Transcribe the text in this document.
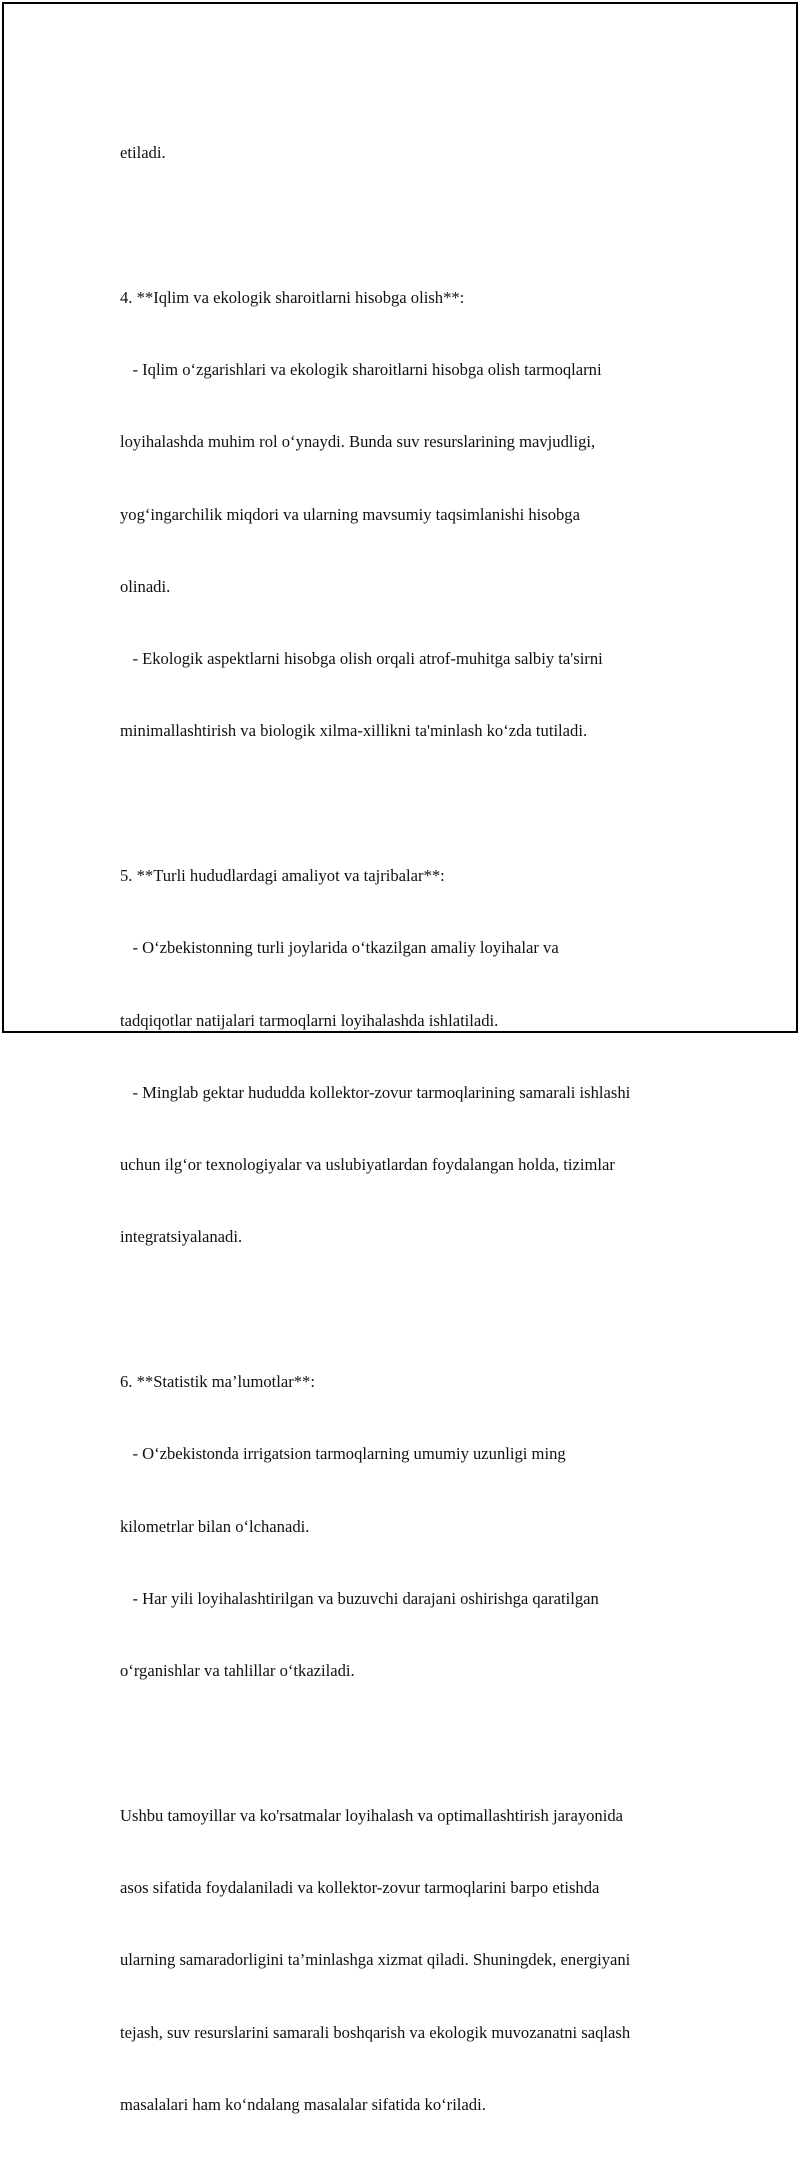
etiladi.

4. **Iqlim va ekologik sharoitlarni hisobga olish**:

- Iqlim o‘zgarishlari va ekologik sharoitlarni hisobga olish tarmoqlarni

loyihalashda muhim rol o‘ynaydi. Bunda suv resurslarining mavjudligi,

yog‘ingarchilik miqdori va ularning mavsumiy taqsimlanishi hisobga

olinadi.

- Ekologik aspektlarni hisobga olish orqali atrof-muhitga salbiy ta'sirni

minimallashtirish va biologik xilma-xillikni ta'minlash ko‘zda tutiladi.

5. **Turli hududlardagi amaliyot va tajribalar**:

- O‘zbekistonning turli joylarida o‘tkazilgan amaliy loyihalar va

tadqiqotlar natijalari tarmoqlarni loyihalashda ishlatiladi.

- Minglab gektar hududda kollektor-zovur tarmoqlarining samarali ishlashi

uchun ilg‘or texnologiyalar va uslubiyatlardan foydalangan holda, tizimlar

integratsiyalanadi.

6. **Statistik ma’lumotlar**:

- O‘zbekistonda irrigatsion tarmoqlarning umumiy uzunligi ming

kilometrlar bilan o‘lchanadi.

- Har yili loyihalashtirilgan va buzuvchi darajani oshirishga qaratilgan

o‘rganishlar va tahlillar o‘tkaziladi.

Ushbu tamoyillar va ko'rsatmalar loyihalash va optimallashtirish jarayonida

asos sifatida foydalaniladi va kollektor-zovur tarmoqlarini barpo etishda

ularning samaradorligini ta’minlashga xizmat qiladi. Shuningdek, energiyani

tejash, suv resurslarini samarali boshqarish va ekologik muvozanatni saqlash

masalalari ham ko‘ndalang masalalar sifatida ko‘riladi.
